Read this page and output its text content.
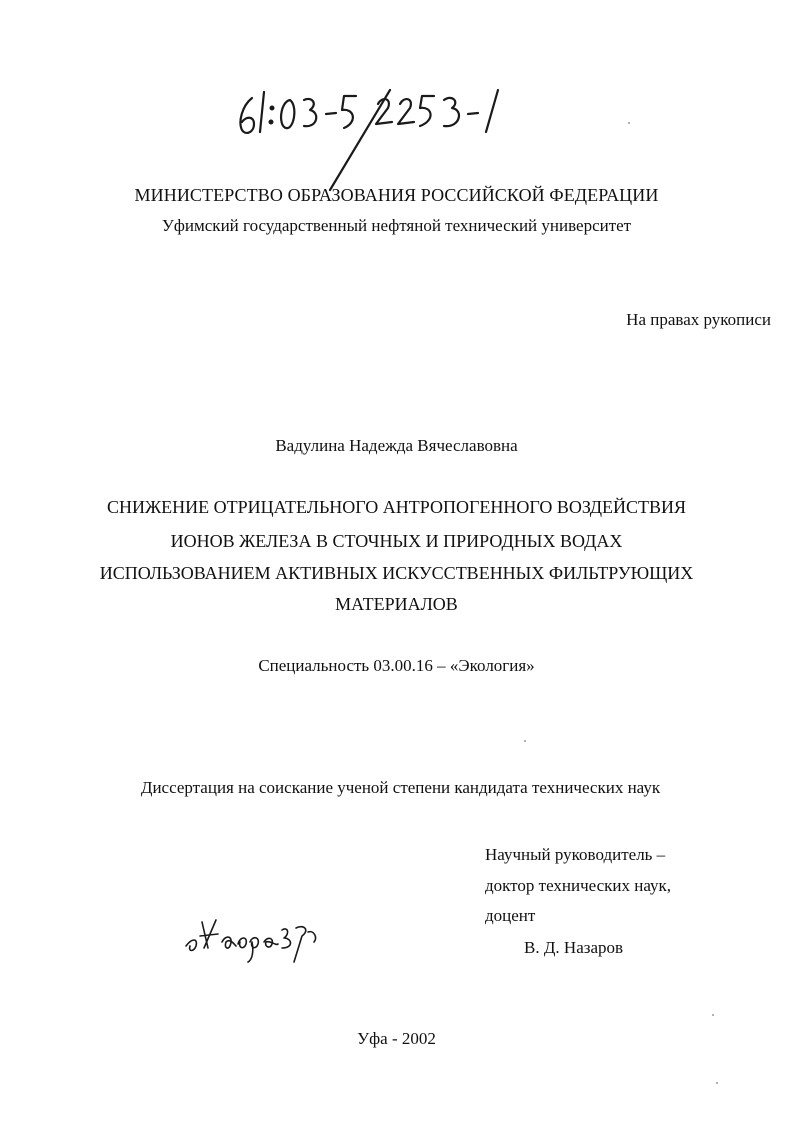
МИНИСТЕРСТВО ОБРАЗОВАНИЯ РОССИЙСКОЙ ФЕДЕРАЦИИ
Уфимский государственный нефтяной технический университет
На правах рукописи
Вадулина Надежда Вячеславовна
СНИЖЕНИЕ ОТРИЦАТЕЛЬНОГО АНТРОПОГЕННОГО ВОЗДЕЙСТВИЯ
ИОНОВ ЖЕЛЕЗА В СТОЧНЫХ И ПРИРОДНЫХ ВОДАХ
ИСПОЛЬЗОВАНИЕМ АКТИВНЫХ ИСКУССТВЕННЫХ ФИЛЬТРУЮЩИХ
МАТЕРИАЛОВ
Специальность 03.00.16 – «Экология»
Диссертация на соискание ученой степени кандидата технических наук
Научный руководитель –
доктор технических наук,
доцент
В. Д. Назаров
Уфа - 2002
